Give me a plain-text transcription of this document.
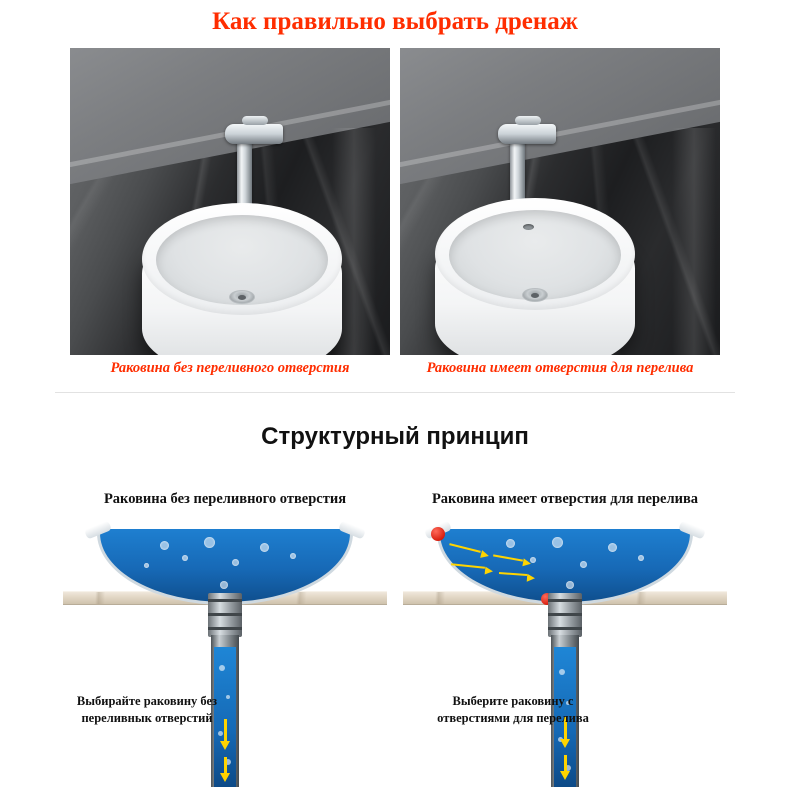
Как правильно выбрать дренаж
Раковина без переливного отверстия	Раковина имеет отверстия для перелива
Структурный принцип
Раковина без переливного отверстия	Раковина имеет отверстия для перелива
Выбирайте раковину без переливнык отверстий
Выберите раковину с отверстиями для перелива
